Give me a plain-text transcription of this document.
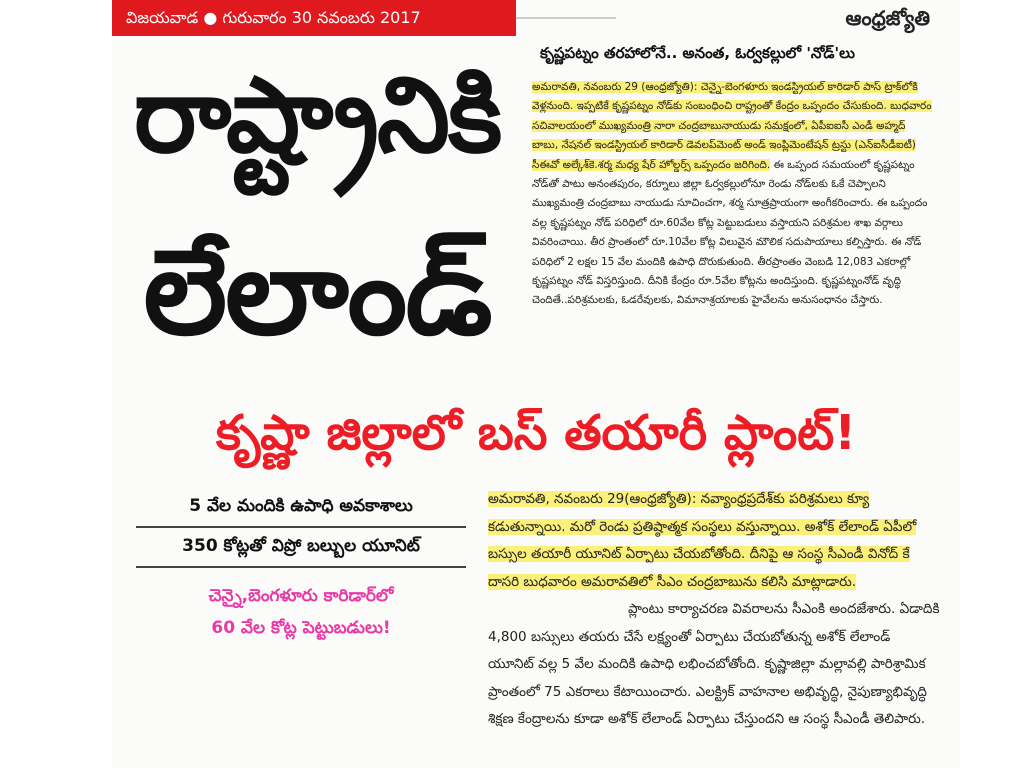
విజయవాడ ● గురువారం 30 నవంబరు 2017	ఆంధ్రజ్యోతి
రాష్ట్రానికి
లేలాండ్
కృష్ణపట్నం తరహాలోనే.. అనంత, ఓర్వకల్లులో 'నోడ్'లు

అమరావతి, నవంబరు 29 (ఆంధ్రజ్యోతి): చెన్నై-బెంగళూరు ఇండస్ట్రియల్ కారిడార్ పాస్ ట్రాక్‌లోకి వెళ్లనుంది. ఇప్పటికే కృష్ణపట్నం నోడ్‌కు సంబంధించి రాష్ట్రంతో కేంద్రం ఒప్పందం చేసుకుంది. బుధవారం సచివాలయంలో ముఖ్యమంత్రి నారా చంద్రబాబునాయుడు సమక్షంలో, ఏపీఐఐసీ ఎండీ అహ్మద్ బాబు, నేషనల్ ఇండస్ట్రియల్ కారిడార్ డెవలప్‌మెంట్ అండ్ ఇంప్లిమెంటేషన్ ట్రస్టు (ఎన్ఐసీడీఐటీ) సీఈవో అల్కేశ్‌కె.శర్మ మధ్య షేర్ హోల్డర్స్ ఒప్పందం జరిగింది. ఈ ఒప్పంద సమయంలో కృష్ణపట్నం నోడ్‌తో పాటు అనంతపురం, కర్నూలు జిల్లా ఓర్వకల్లులోనూ రెండు నోడ్‌లకు ఓకే చెప్పాలని ముఖ్యమంత్రి చంద్రబాబు నాయుడు సూచించగా, శర్మ సూత్రప్రాయంగా అంగీకరించారు. ఈ ఒప్పందం వల్ల కృష్ణపట్నం నోడ్ పరిధిలో రూ.60వేల కోట్ల పెట్టుబడులు వస్తాయని పరిశ్రమల శాఖ వర్గాలు వివరించాయి. తీర ప్రాంతంలో రూ.10వేల కోట్ల విలువైన మౌలిక సదుపాయాలు కల్పిస్తారు. ఈ నోడ్ పరిధిలో 2 లక్షల 15 వేల మందికి ఉపాధి దొరుకుతుంది. తీరప్రాంతం వెంబడి 12,083 ఎకరాల్లో కృష్ణపట్నం నోడ్ విస్తరిస్తుంది. దీనికి కేంద్రం రూ.5వేల కోట్లను అందిస్తుంది. కృష్ణపట్నంనోడ్ వృద్ధి చెందితే..పరిశ్రమలకు, ఓడరేవులకు, విమానాశ్రయాలకు హైవేలను అనుసంధానం చేస్తారు.

కృష్ణా జిల్లాలో బస్ తయారీ ప్లాంట్!
5 వేల మందికి ఉపాధి అవకాశాలు
350 కోట్లతో విప్రో బల్బుల యూనిట్
చెన్నై,బెంగళూరు కారిడార్‌లో
60 వేల కోట్ల పెట్టుబడులు!

అమరావతి, నవంబరు 29(ఆంధ్రజ్యోతి): నవ్యాంధ్రప్రదేశ్‌కు పరిశ్రమలు క్యూ కడుతున్నాయి. మరో రెండు ప్రతిష్ఠాత్మక సంస్థలు వస్తున్నాయి. అశోక్ లేలాండ్ ఏపీలో బస్సుల తయారీ యూనిట్ ఏర్పాటు చేయబోతోంది. దీనిపై ఆ సంస్థ సీఎండీ వినోద్ కే దాసరి బుధవారం అమరావతిలో సీఎం చంద్రబాబును కలిసి మాట్లాడారు.

ప్లాంటు కార్యాచరణ వివరాలను సీఎంకి అందజేశారు. ఏడాదికి 4,800 బస్సులు తయరు చేసే లక్ష్యంతో ఏర్పాటు చేయబోతున్న అశోక్ లేలాండ్ యూనిట్ వల్ల 5 వేల మందికి ఉపాధి లభించబోతోంది. కృష్ణాజిల్లా మల్లావల్లి పారిశ్రామిక ప్రాంతంలో 75 ఎకరాలు కేటాయించారు. ఎలక్ట్రిక్ వాహనాల అభివృద్ధి, నైపుణ్యాభివృద్ధి శిక్షణ కేంద్రాలను కూడా అశోక్ లేలాండ్ ఏర్పాటు చేస్తుందని ఆ సంస్థ సీఎండీ తెలిపారు.
